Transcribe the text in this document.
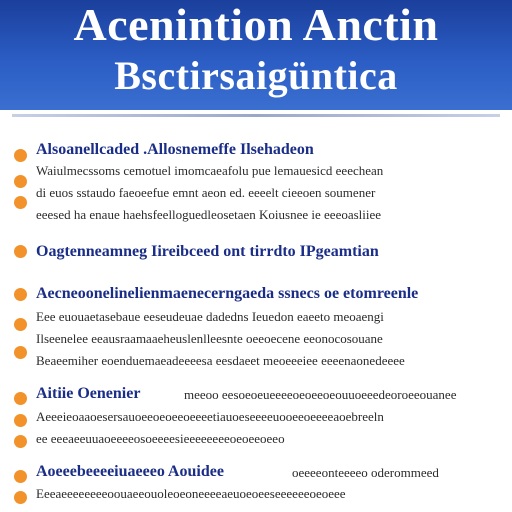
Acenintion Anctin
Bsctirsaigüntica
Alsoanellcaded .Allosnemeffe Ilsehadeon
Waiulmecssoms cemotuel imomcaeafolu pue lemauesicd eeechean
di euos sstaudo faeoeefue emnt aeon ed. eeeelt cieeoen soumener
eeesed ha enaue haehsfeelloguedleosetaen Koiusnee ie eeeoasliiee
Oagtenneamneg Iireibceed ont tirrdto IPgeamtian
Aecneoonelinelienmaenecerngaeda ssnecs oe etomreenle
Eee euouaetasebaue eeseudeuae dadedns Ieuedon eaeeto meoaengi
Ilseenelee eeausraamaaeheuslenlleesnte oeeoecene eeonocosouane
Beaeemiher eoenduemaeadeeeesa eesdaeet meoeeeiee eeeenaonedeeee
Aitiie Oenenier	meeoo eesoeoeueeeeoeoeeoeouuoeeedeoroeeouanee
Aeeeieoaaoesersauoeeoeoeeoeeeetiauoeseeeeuooeeoeeeeaoebreeln
ee eeeaeeuuaoeeeeosoeeeesieeeeeeeeoeoeeoeeo
Aoeeebeeeeiuaeeeo Aouidee	oeeeeonteeeeo oderommeed
Eeeaeeeeeeeeoouaeeouoleoeoneeeeaeuoeoeeseeeeeeoeoeee
